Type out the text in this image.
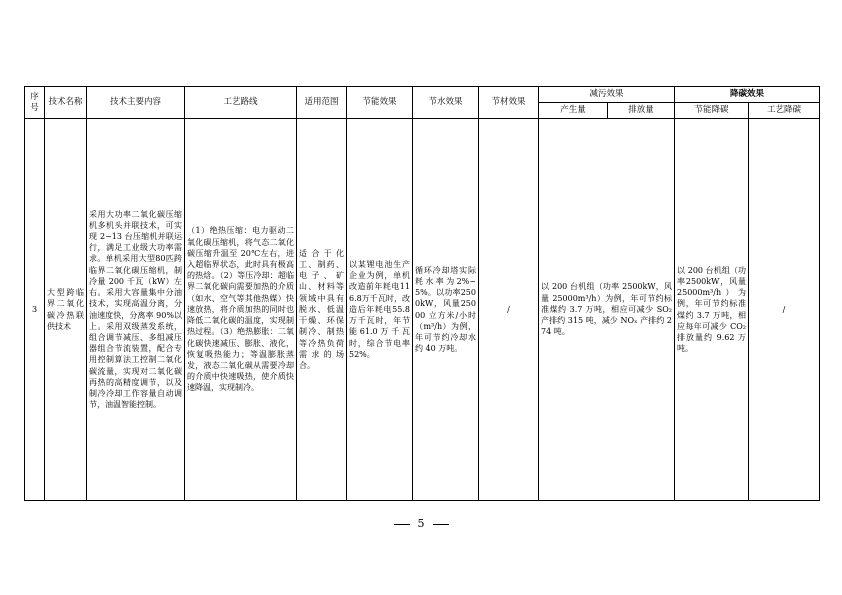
序号	技术名称	技术主要内容	工艺路线	适用范围	节能效果	节水效果	节材效果	减污效果		降碳效果	
								产生量	排放量	节能降碳	工艺降碳
3	大型跨临界二氧化碳冷热联供技术	采用大功率二氧化碳压缩机多机头并联技术，可实现 2~13 台压缩机并联运行，满足工业级大功率需求。单机采用大型80匹跨临界二氧化碳压缩机，制冷量 200 千瓦（kW）左右。采用大容量集中分油技术，实现高温分离，分油速度快，分离率 90%以上。采用双级蒸发系统，组合调节减压、多组减压器组合节流装置，配合专用控制算法工控制二氧化碳流量，实现对二氧化碳再热的高精度调节，以及制冷冷却工作容量自动调节，油温智能控制。	（1）绝热压缩：电力驱动二氧化碳压缩机，将气态二氧化碳压缩升温至 20℃左右，进入超临界状态，此时具有极高的热焓。（2）等压冷却：超临界二氧化碳向需要加热的介质（如水、空气等其他热媒）快速放热，将介质加热的同时也降低二氧化碳的温度，实现制热过程。（3）绝热膨胀：二氧化碳快速减压、膨胀、液化，恢复吸热能力；等温膨胀蒸发，液态二氧化碳从需要冷却的介质中快速吸热，使介质快速降温，实现制冷。	适合于化工、制药、电子、矿山、材料等领域中具有脱水、低温干燥、环保制冷、制热等冷热负荷需求的场合。	以某锂电池生产企业为例，单机改造前年耗电116.8万千瓦时，改造后年耗电55.8 万千瓦时，年节能61.0万千瓦时，综合节电率52%。	循环冷却塔实际耗水率为2%~5%。以功率2500kW，风量25000 立方米/小时（m³/h）为例，年可节约冷却水约 40 万吨。	/	以 200 台机组（功率 2500kW，风量 25000m³/h）为例，年可节约标准煤约 3.7 万吨，相应可减少 SO₂ 产排约 315 吨，减少 NOₓ 产排约 274 吨。		以 200 台机组（功率2500kW，风量25000m³/h）为例，年可节约标准煤约 3.7 万吨，相应每年可减少 CO₂ 排放量约 9.62 万吨。	/
5
